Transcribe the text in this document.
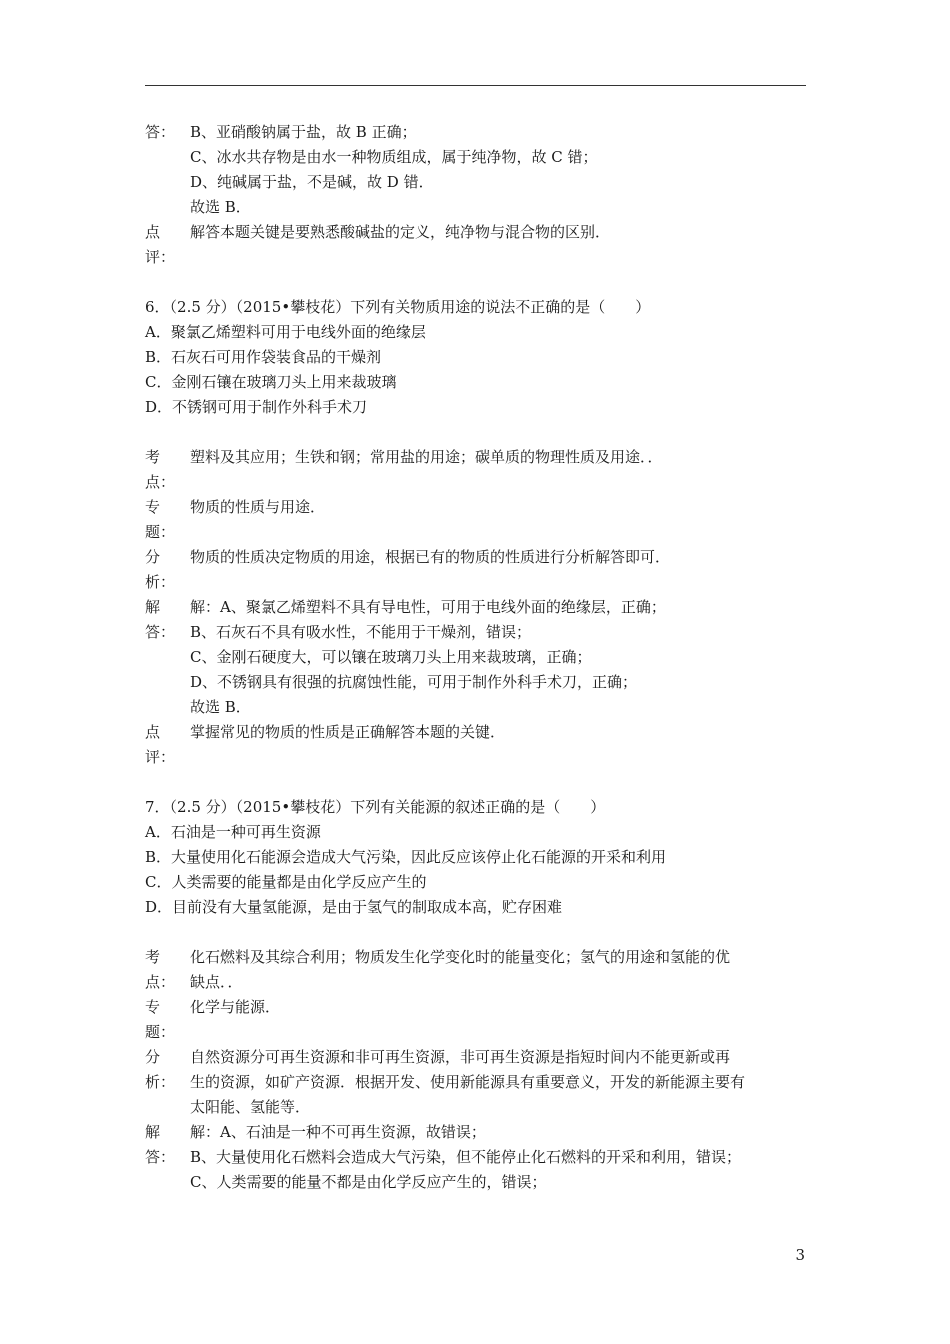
答： B、亚硝酸钠属于盐，故 B 正确；
C、冰水共存物是由水一种物质组成，属于纯净物，故 C 错；
D、纯碱属于盐，不是碱，故 D 错．
故选 B．
点
评：
解答本题关键是要熟悉酸碱盐的定义，纯净物与混合物的区别．
6．（2.5 分）（2015•攀枝花）下列有关物质用途的说法不正确的是（　　）
A．聚氯乙烯塑料可用于电线外面的绝缘层
B．石灰石可用作袋装食品的干燥剂
C．金刚石镶在玻璃刀头上用来裁玻璃
D．不锈钢可用于制作外科手术刀
考
点：
塑料及其应用；生铁和钢；常用盐的用途；碳单质的物理性质及用途．．
专
题：
物质的性质与用途．
分
析：
物质的性质决定物质的用途，根据已有的物质的性质进行分析解答即可．
解
答：
解：A、聚氯乙烯塑料不具有导电性，可用于电线外面的绝缘层，正确；
B、石灰石不具有吸水性，不能用于干燥剂，错误；
C、金刚石硬度大，可以镶在玻璃刀头上用来裁玻璃，正确；
D、不锈钢具有很强的抗腐蚀性能，可用于制作外科手术刀，正确；
故选 B．
点
评：
掌握常见的物质的性质是正确解答本题的关键．
7．（2.5 分）（2015•攀枝花）下列有关能源的叙述正确的是（　　）
A．石油是一种可再生资源
B．大量使用化石能源会造成大气污染，因此反应该停止化石能源的开采和利用
C．人类需要的能量都是由化学反应产生的
D．目前没有大量氢能源，是由于氢气的制取成本高，贮存困难
考
点：
化石燃料及其综合利用；物质发生化学变化时的能量变化；氢气的用途和氢能的优
缺点．．
专
题：
化学与能源．
分
析：
自然资源分可再生资源和非可再生资源，非可再生资源是指短时间内不能更新或再
生的资源，如矿产资源．根据开发、使用新能源具有重要意义，开发的新能源主要有
太阳能、氢能等．
解
答：
解：A、石油是一种不可再生资源，故错误；
B、大量使用化石燃料会造成大气污染，但不能停止化石燃料的开采和利用，错误；
C、人类需要的能量不都是由化学反应产生的，错误；
3
